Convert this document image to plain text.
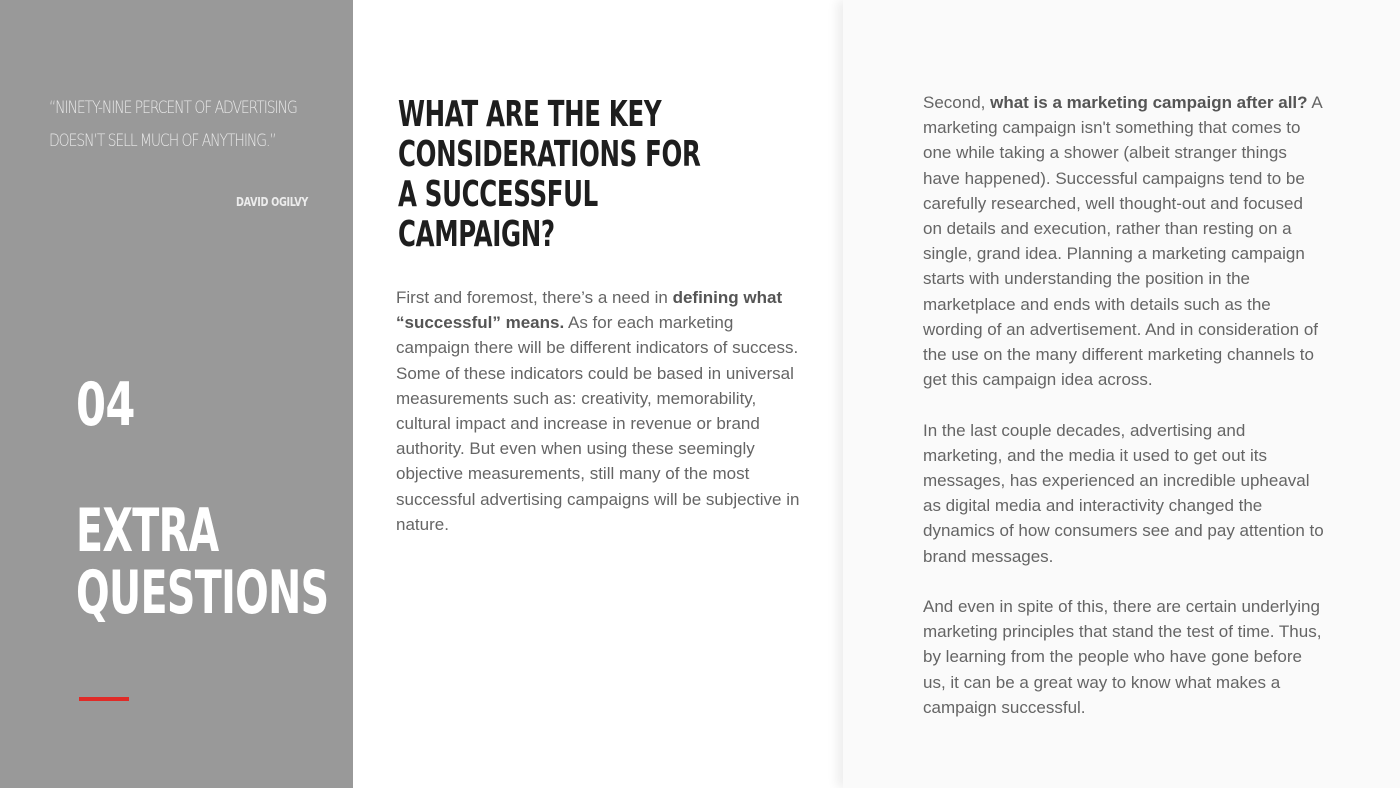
“NINETY-NINE PERCENT OF ADVERTISING DOESN’T SELL MUCH OF ANYTHING.”
DAVID OGILVY
04
EXTRA
QUESTIONS
WHAT ARE THE KEY CONSIDERATIONS FOR A SUCCESSFUL CAMPAIGN?

First and foremost, there’s a need in defining what “successful” means. As for each marketing campaign there will be different indicators of success. Some of these indicators could be based in universal measurements such as: creativity, memorability, cultural impact and increase in revenue or brand authority. But even when using these seemingly objective measurements, still many of the most successful advertising campaigns will be subjective in nature.

Second, what is a marketing campaign after all? A marketing campaign isn't something that comes to one while taking a shower (albeit stranger things have happened). Successful campaigns tend to be carefully researched, well thought-out and focused on details and execution, rather than resting on a single, grand idea. Planning a marketing campaign starts with understanding the position in the marketplace and ends with details such as the wording of an advertisement. And in consideration of the use on the many different marketing channels to get this campaign idea across.

In the last couple decades, advertising and marketing, and the media it used to get out its messages, has experienced an incredible upheaval as digital media and interactivity changed the dynamics of how consumers see and pay attention to brand messages.

And even in spite of this, there are certain underlying marketing principles that stand the test of time. Thus, by learning from the people who have gone before us, it can be a great way to know what makes a campaign successful.
